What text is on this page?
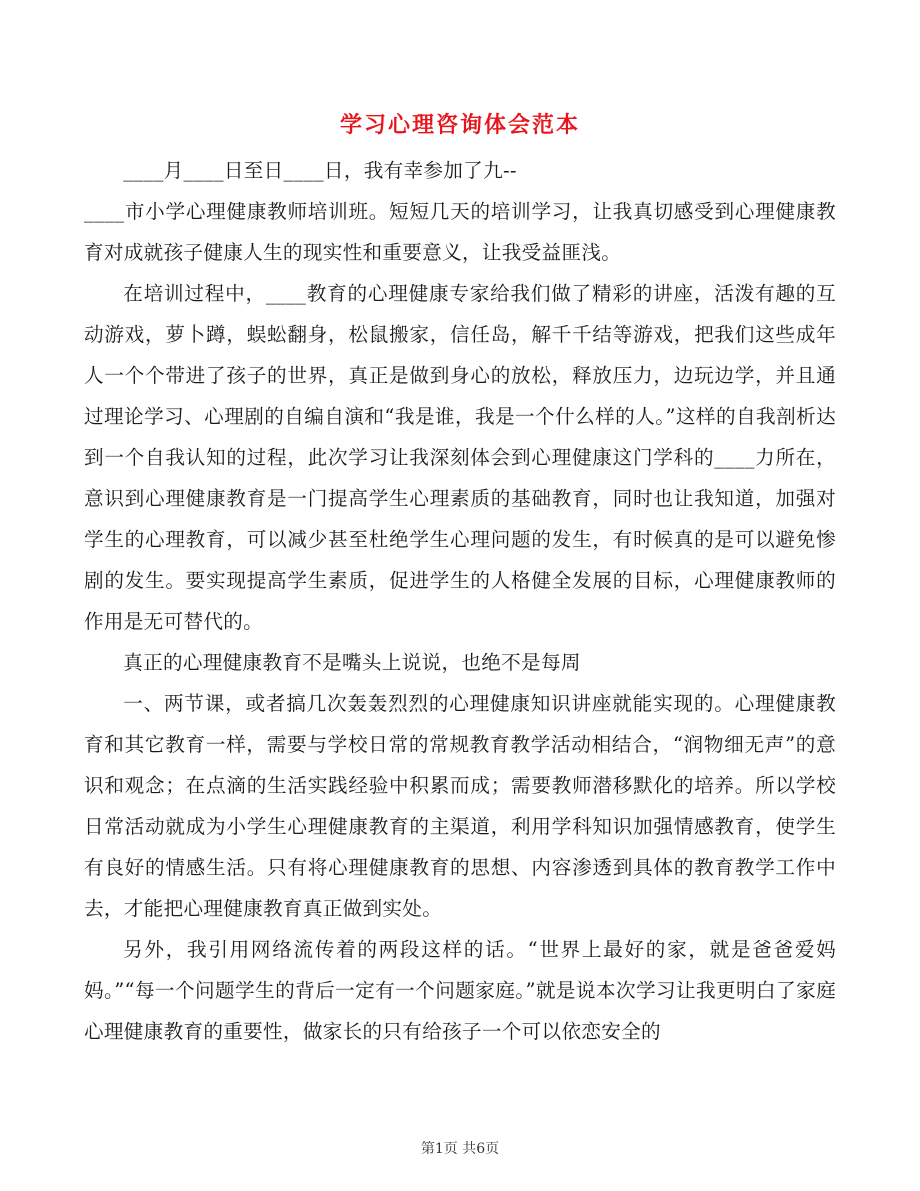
学习心理咨询体会范本

____月____日至日____日，我有幸参加了九--

____市小学心理健康教师培训班。短短几天的培训学习，让我真切感受到心理健康教育对成就孩子健康人生的现实性和重要意义，让我受益匪浅。

在培训过程中，____教育的心理健康专家给我们做了精彩的讲座，活泼有趣的互动游戏，萝卜蹲，蜈蚣翻身，松鼠搬家，信任岛，解千千结等游戏，把我们这些成年人一个个带进了孩子的世界，真正是做到身心的放松，释放压力，边玩边学，并且通过理论学习、心理剧的自编自演和“我是谁，我是一个什么样的人。”这样的自我剖析达到一个自我认知的过程，此次学习让我深刻体会到心理健康这门学科的____力所在，意识到心理健康教育是一门提高学生心理素质的基础教育，同时也让我知道，加强对学生的心理教育，可以减少甚至杜绝学生心理问题的发生，有时候真的是可以避免惨剧的发生。要实现提高学生素质，促进学生的人格健全发展的目标，心理健康教师的作用是无可替代的。

真正的心理健康教育不是嘴头上说说，也绝不是每周

一、两节课，或者搞几次轰轰烈烈的心理健康知识讲座就能实现的。心理健康教育和其它教育一样，需要与学校日常的常规教育教学活动相结合，“润物细无声”的意识和观念；在点滴的生活实践经验中积累而成；需要教师潜移默化的培养。所以学校日常活动就成为小学生心理健康教育的主渠道，利用学科知识加强情感教育，使学生有良好的情感生活。只有将心理健康教育的思想、内容渗透到具体的教育教学工作中去，才能把心理健康教育真正做到实处。

另外，我引用网络流传着的两段这样的话。“世界上最好的家，就是爸爸爱妈妈。”“每一个问题学生的背后一定有一个问题家庭。”就是说本次学习让我更明白了家庭心理健康教育的重要性，做家长的只有给孩子一个可以依恋安全的

第1页 共6页
